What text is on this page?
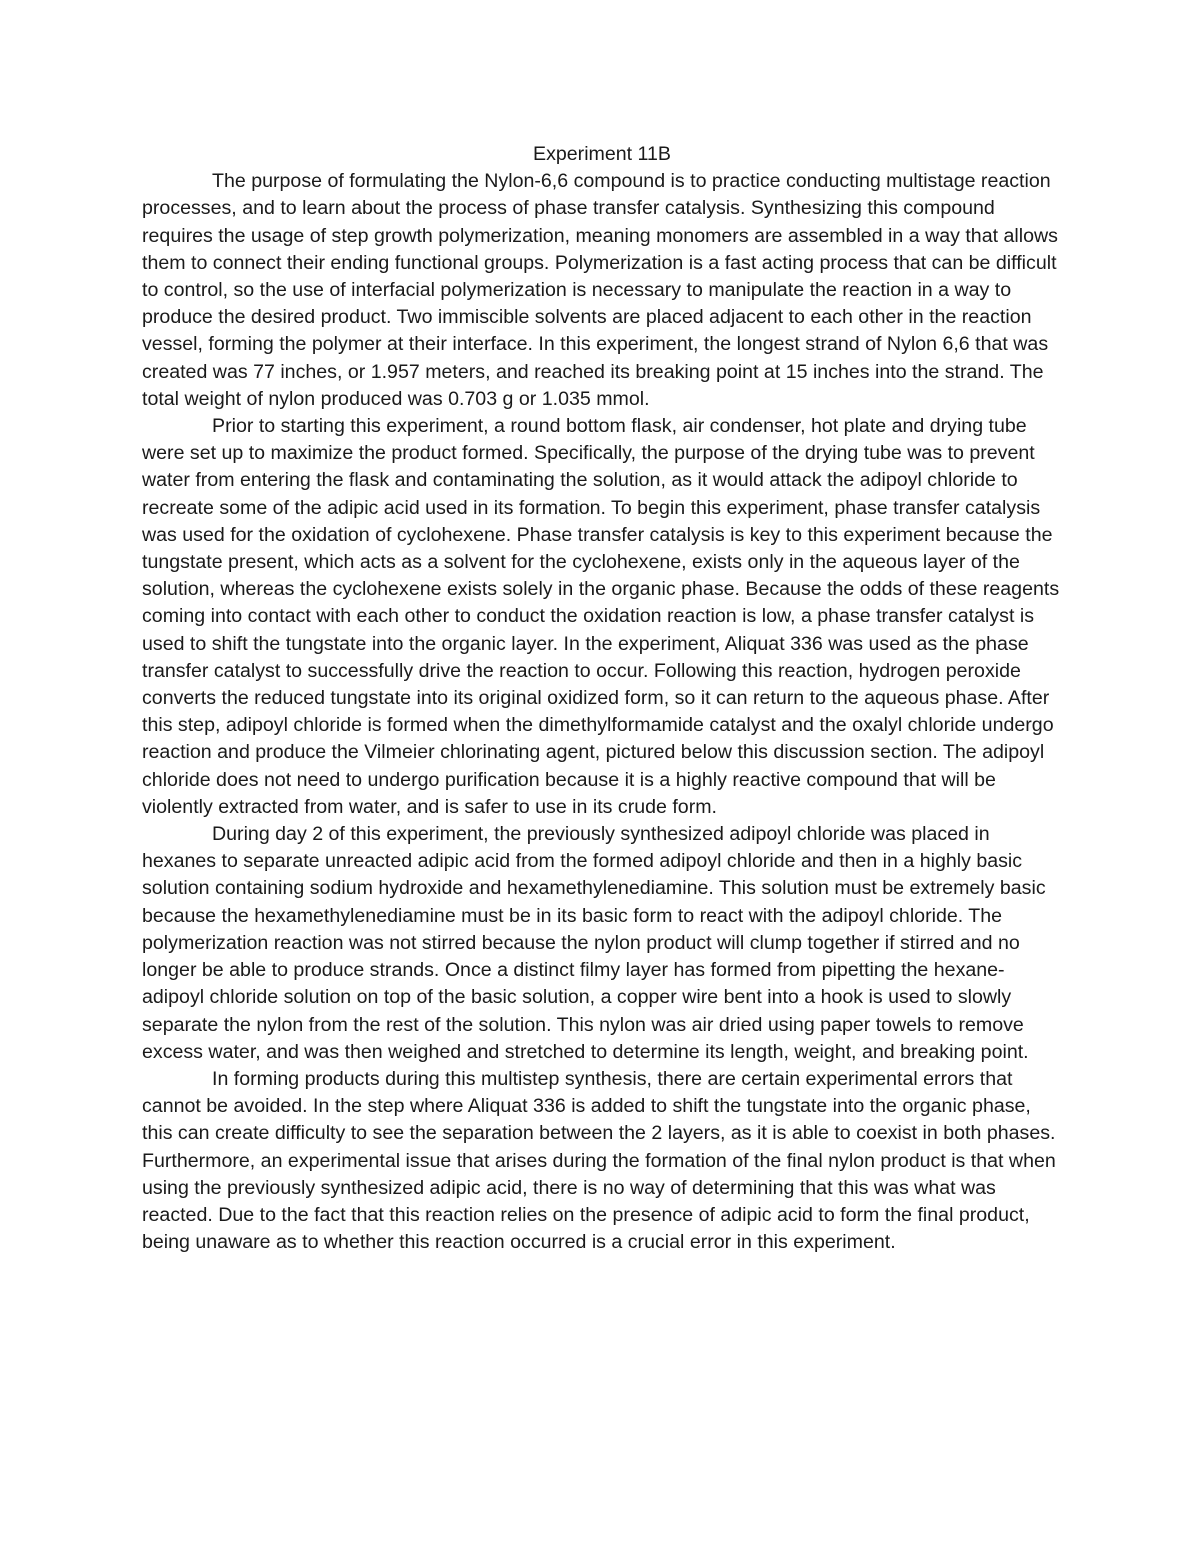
Experiment 11B

The purpose of formulating the Nylon-6,6 compound is to practice conducting multistage reaction processes, and to learn about the process of phase transfer catalysis. Synthesizing this compound requires the usage of step growth polymerization, meaning monomers are assembled in a way that allows them to connect their ending functional groups. Polymerization is a fast acting process that can be difficult to control, so the use of interfacial polymerization is necessary to manipulate the reaction in a way to produce the desired product. Two immiscible solvents are placed adjacent to each other in the reaction vessel, forming the polymer at their interface. In this experiment, the longest strand of Nylon 6,6 that was created was 77 inches, or 1.957 meters, and reached its breaking point at 15 inches into the strand. The total weight of nylon produced was 0.703 g or 1.035 mmol.

Prior to starting this experiment, a round bottom flask, air condenser, hot plate and drying tube were set up to maximize the product formed. Specifically, the purpose of the drying tube was to prevent water from entering the flask and contaminating the solution, as it would attack the adipoyl chloride to recreate some of the adipic acid used in its formation. To begin this experiment, phase transfer catalysis was used for the oxidation of cyclohexene. Phase transfer catalysis is key to this experiment because the tungstate present, which acts as a solvent for the cyclohexene, exists only in the aqueous layer of the solution, whereas the cyclohexene exists solely in the organic phase. Because the odds of these reagents coming into contact with each other to conduct the oxidation reaction is low, a phase transfer catalyst is used to shift the tungstate into the organic layer. In the experiment, Aliquat 336 was used as the phase transfer catalyst to successfully drive the reaction to occur. Following this reaction, hydrogen peroxide converts the reduced tungstate into its original oxidized form, so it can return to the aqueous phase. After this step, adipoyl chloride is formed when the dimethylformamide catalyst and the oxalyl chloride undergo reaction and produce the Vilmeier chlorinating agent, pictured below this discussion section. The adipoyl chloride does not need to undergo purification because it is a highly reactive compound that will be violently extracted from water, and is safer to use in its crude form.

During day 2 of this experiment, the previously synthesized adipoyl chloride was placed in hexanes to separate unreacted adipic acid from the formed adipoyl chloride and then in a highly basic solution containing sodium hydroxide and hexamethylenediamine. This solution must be extremely basic because the hexamethylenediamine must be in its basic form to react with the adipoyl chloride. The polymerization reaction was not stirred because the nylon product will clump together if stirred and no longer be able to produce strands. Once a distinct filmy layer has formed from pipetting the hexane-adipoyl chloride solution on top of the basic solution, a copper wire bent into a hook is used to slowly separate the nylon from the rest of the solution. This nylon was air dried using paper towels to remove excess water, and was then weighed and stretched to determine its length, weight, and breaking point.

In forming products during this multistep synthesis, there are certain experimental errors that cannot be avoided. In the step where Aliquat 336 is added to shift the tungstate into the organic phase, this can create difficulty to see the separation between the 2 layers, as it is able to coexist in both phases. Furthermore, an experimental issue that arises during the formation of the final nylon product is that when using the previously synthesized adipic acid, there is no way of determining that this was what was reacted. Due to the fact that this reaction relies on the presence of adipic acid to form the final product, being unaware as to whether this reaction occurred is a crucial error in this experiment.
